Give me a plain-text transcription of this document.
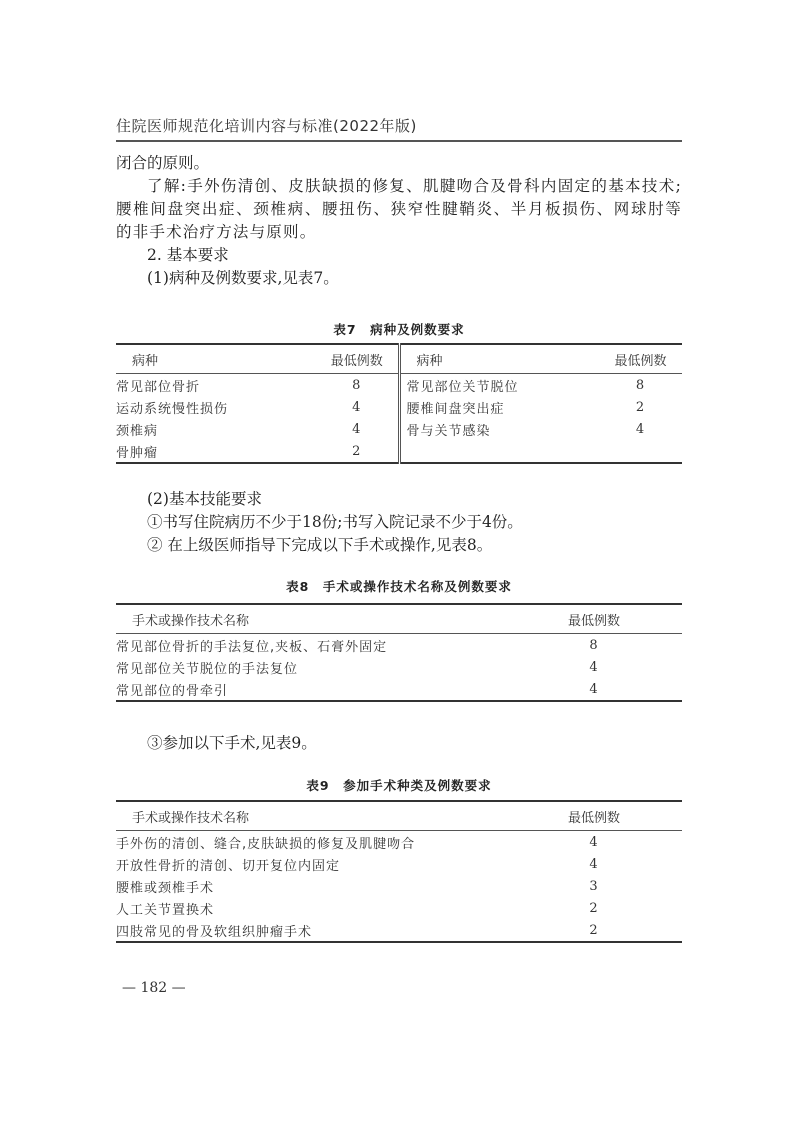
住院医师规范化培训内容与标准(2022年版)

闭合的原则。

了解:手外伤清创、皮肤缺损的修复、肌腱吻合及骨科内固定的基本技术;腰椎间盘突出症、颈椎病、腰扭伤、狭窄性腱鞘炎、半月板损伤、网球肘等的非手术治疗方法与原则。

2. 基本要求

(1)病种及例数要求,见表7。

表7　病种及例数要求
病种	最低例数	病种	最低例数
常见部位骨折	8	常见部位关节脱位	8
运动系统慢性损伤	4	腰椎间盘突出症	2
颈椎病	4	骨与关节感染	4
骨肿瘤	2		

(2)基本技能要求

①书写住院病历不少于18份;书写入院记录不少于4份。

② 在上级医师指导下完成以下手术或操作,见表8。

表8　手术或操作技术名称及例数要求
手术或操作技术名称	最低例数
常见部位骨折的手法复位,夹板、石膏外固定	8
常见部位关节脱位的手法复位	4
常见部位的骨牵引	4

③参加以下手术,见表9。

表9　参加手术种类及例数要求
手术或操作技术名称	最低例数
手外伤的清创、缝合,皮肤缺损的修复及肌腱吻合	4
开放性骨折的清创、切开复位内固定	4
腰椎或颈椎手术	3
人工关节置换术	2
四肢常见的骨及软组织肿瘤手术	2
— 182 —
